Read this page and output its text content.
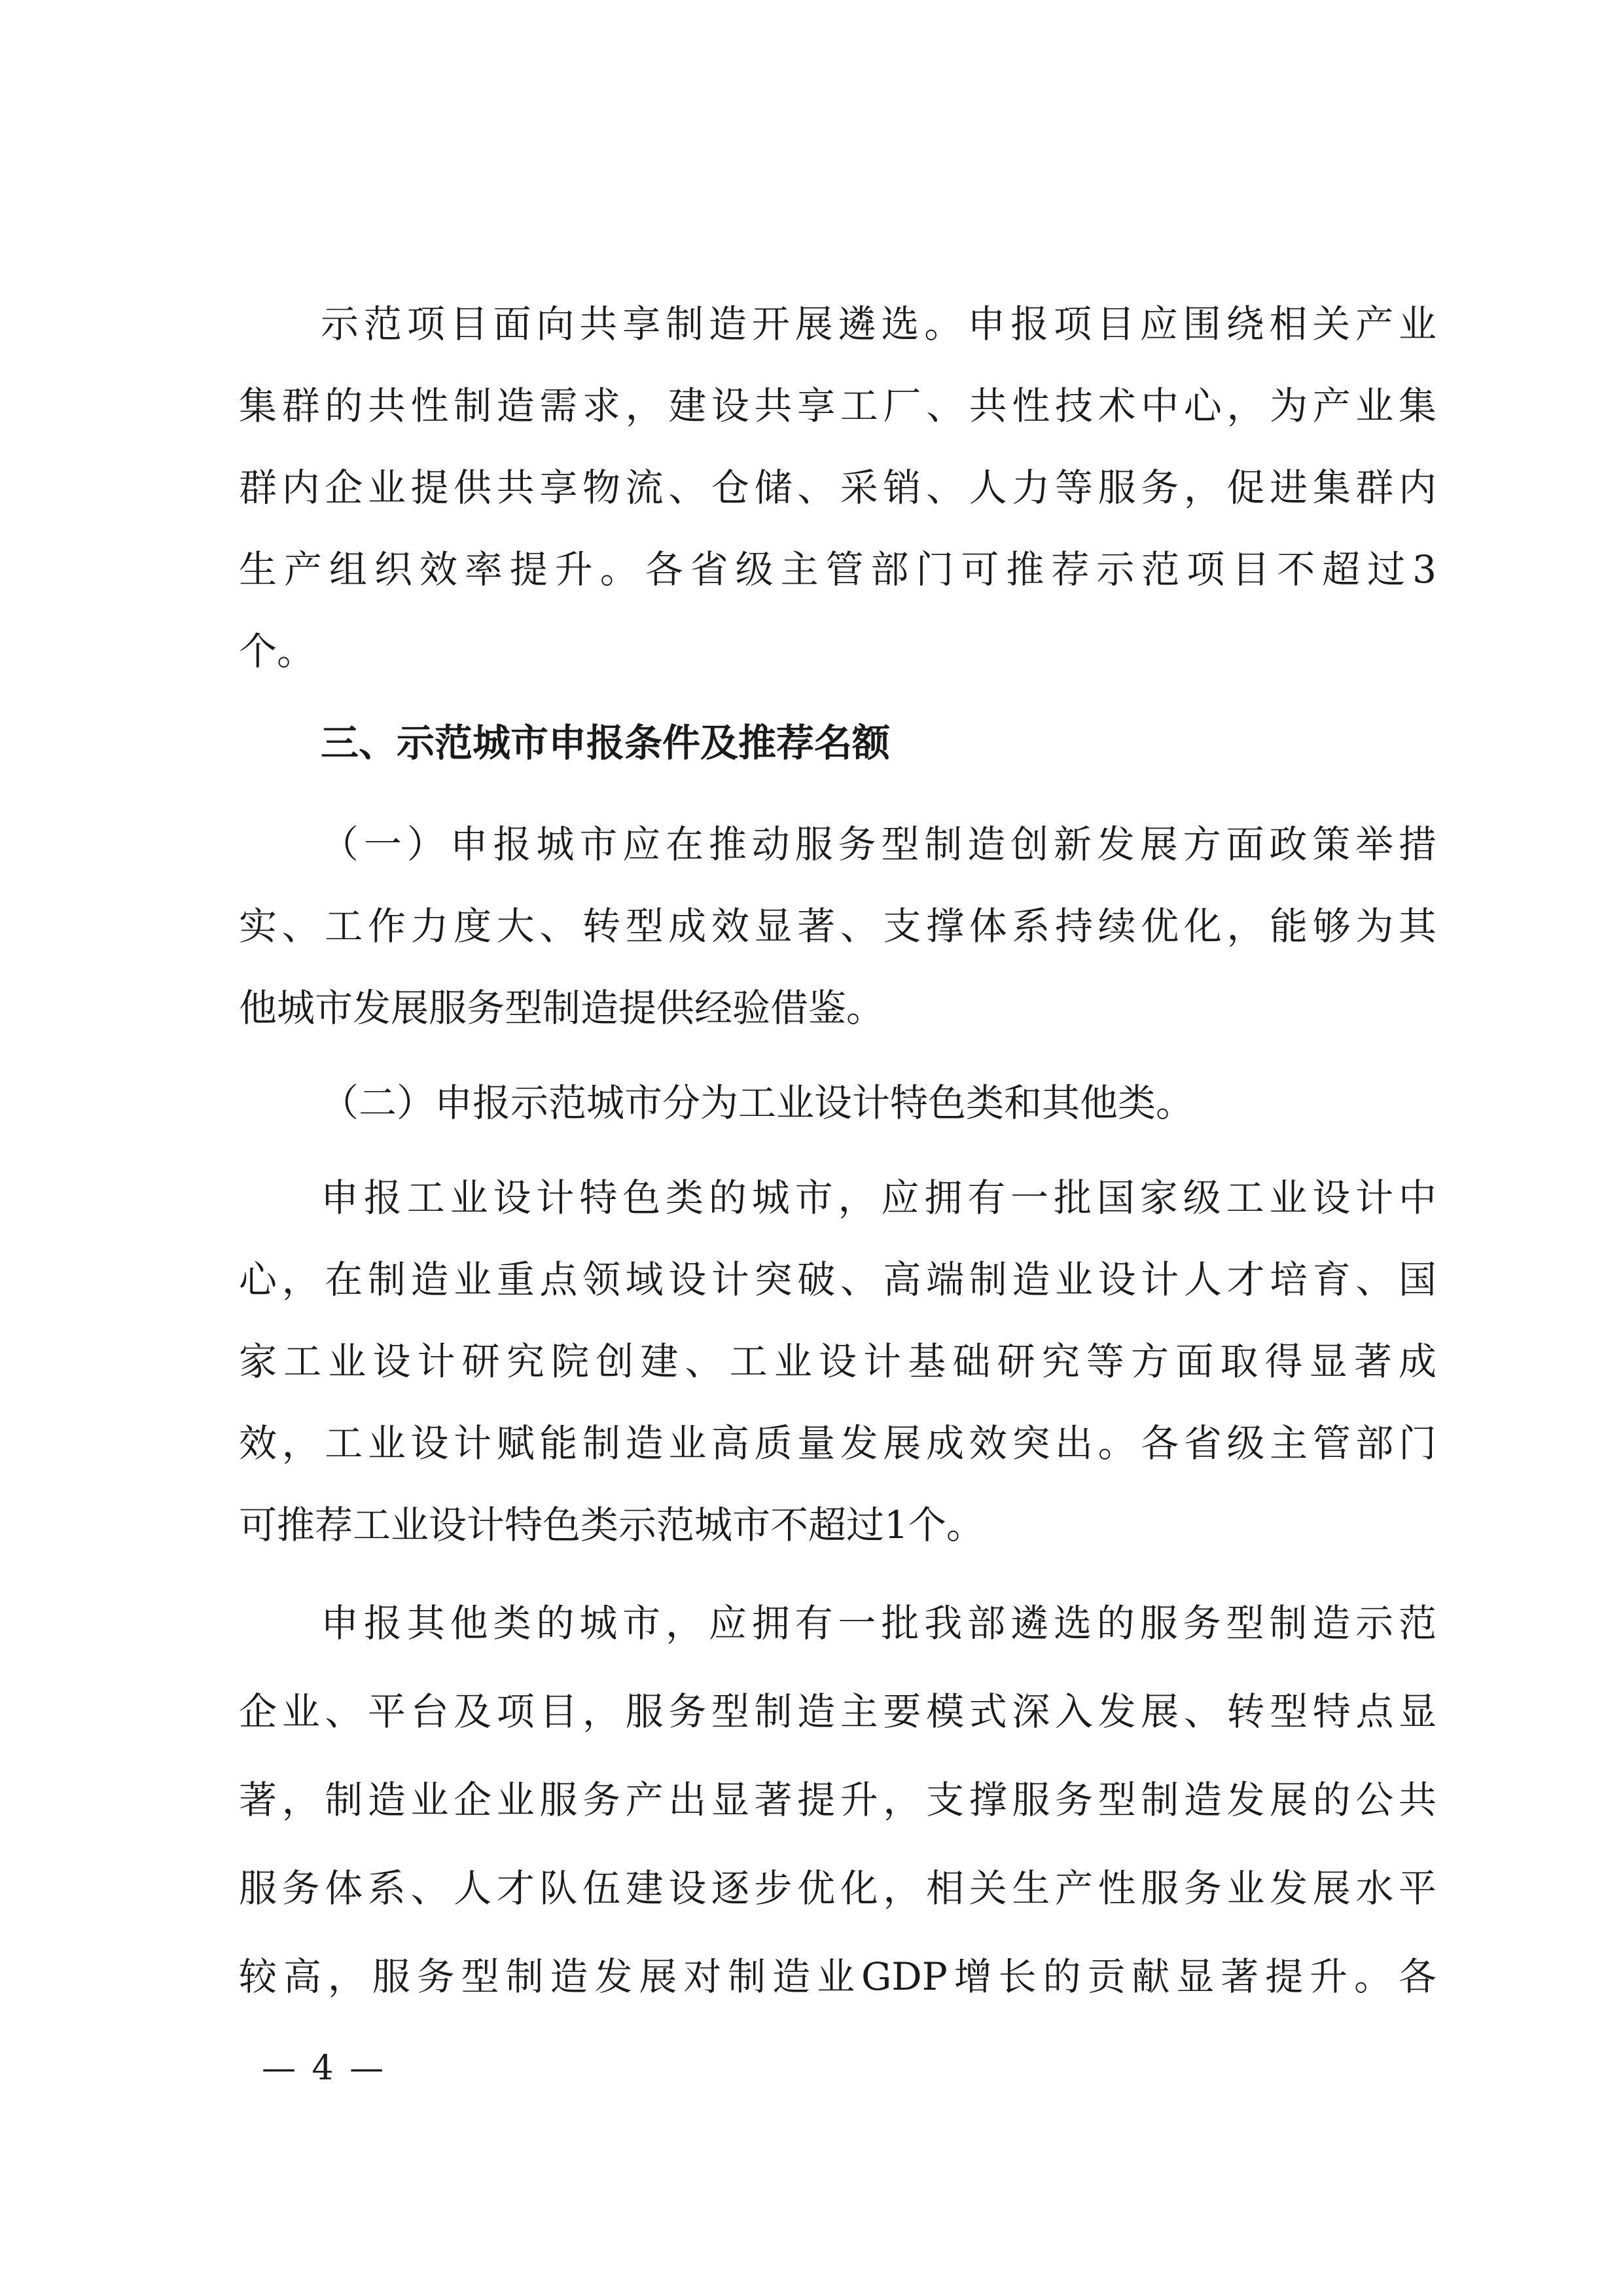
示范项目面向共享制造开展遴选。申报项目应围绕相关产业
集群的共性制造需求，建设共享工厂、共性技术中心，为产业集
群内企业提供共享物流、仓储、采销、人力等服务，促进集群内
生产组织效率提升。各省级主管部门可推荐示范项目不超过3
个。
三、示范城市申报条件及推荐名额
（一）申报城市应在推动服务型制造创新发展方面政策举措
实、工作力度大、转型成效显著、支撑体系持续优化，能够为其
他城市发展服务型制造提供经验借鉴。
（二）申报示范城市分为工业设计特色类和其他类。
申报工业设计特色类的城市，应拥有一批国家级工业设计中
心，在制造业重点领域设计突破、高端制造业设计人才培育、国
家工业设计研究院创建、工业设计基础研究等方面取得显著成
效，工业设计赋能制造业高质量发展成效突出。各省级主管部门
可推荐工业设计特色类示范城市不超过1个。
申报其他类的城市，应拥有一批我部遴选的服务型制造示范
企业、平台及项目，服务型制造主要模式深入发展、转型特点显
著，制造业企业服务产出显著提升，支撑服务型制造发展的公共
服务体系、人才队伍建设逐步优化，相关生产性服务业发展水平
较高，服务型制造发展对制造业GDP增长的贡献显著提升。各
— 4 —
